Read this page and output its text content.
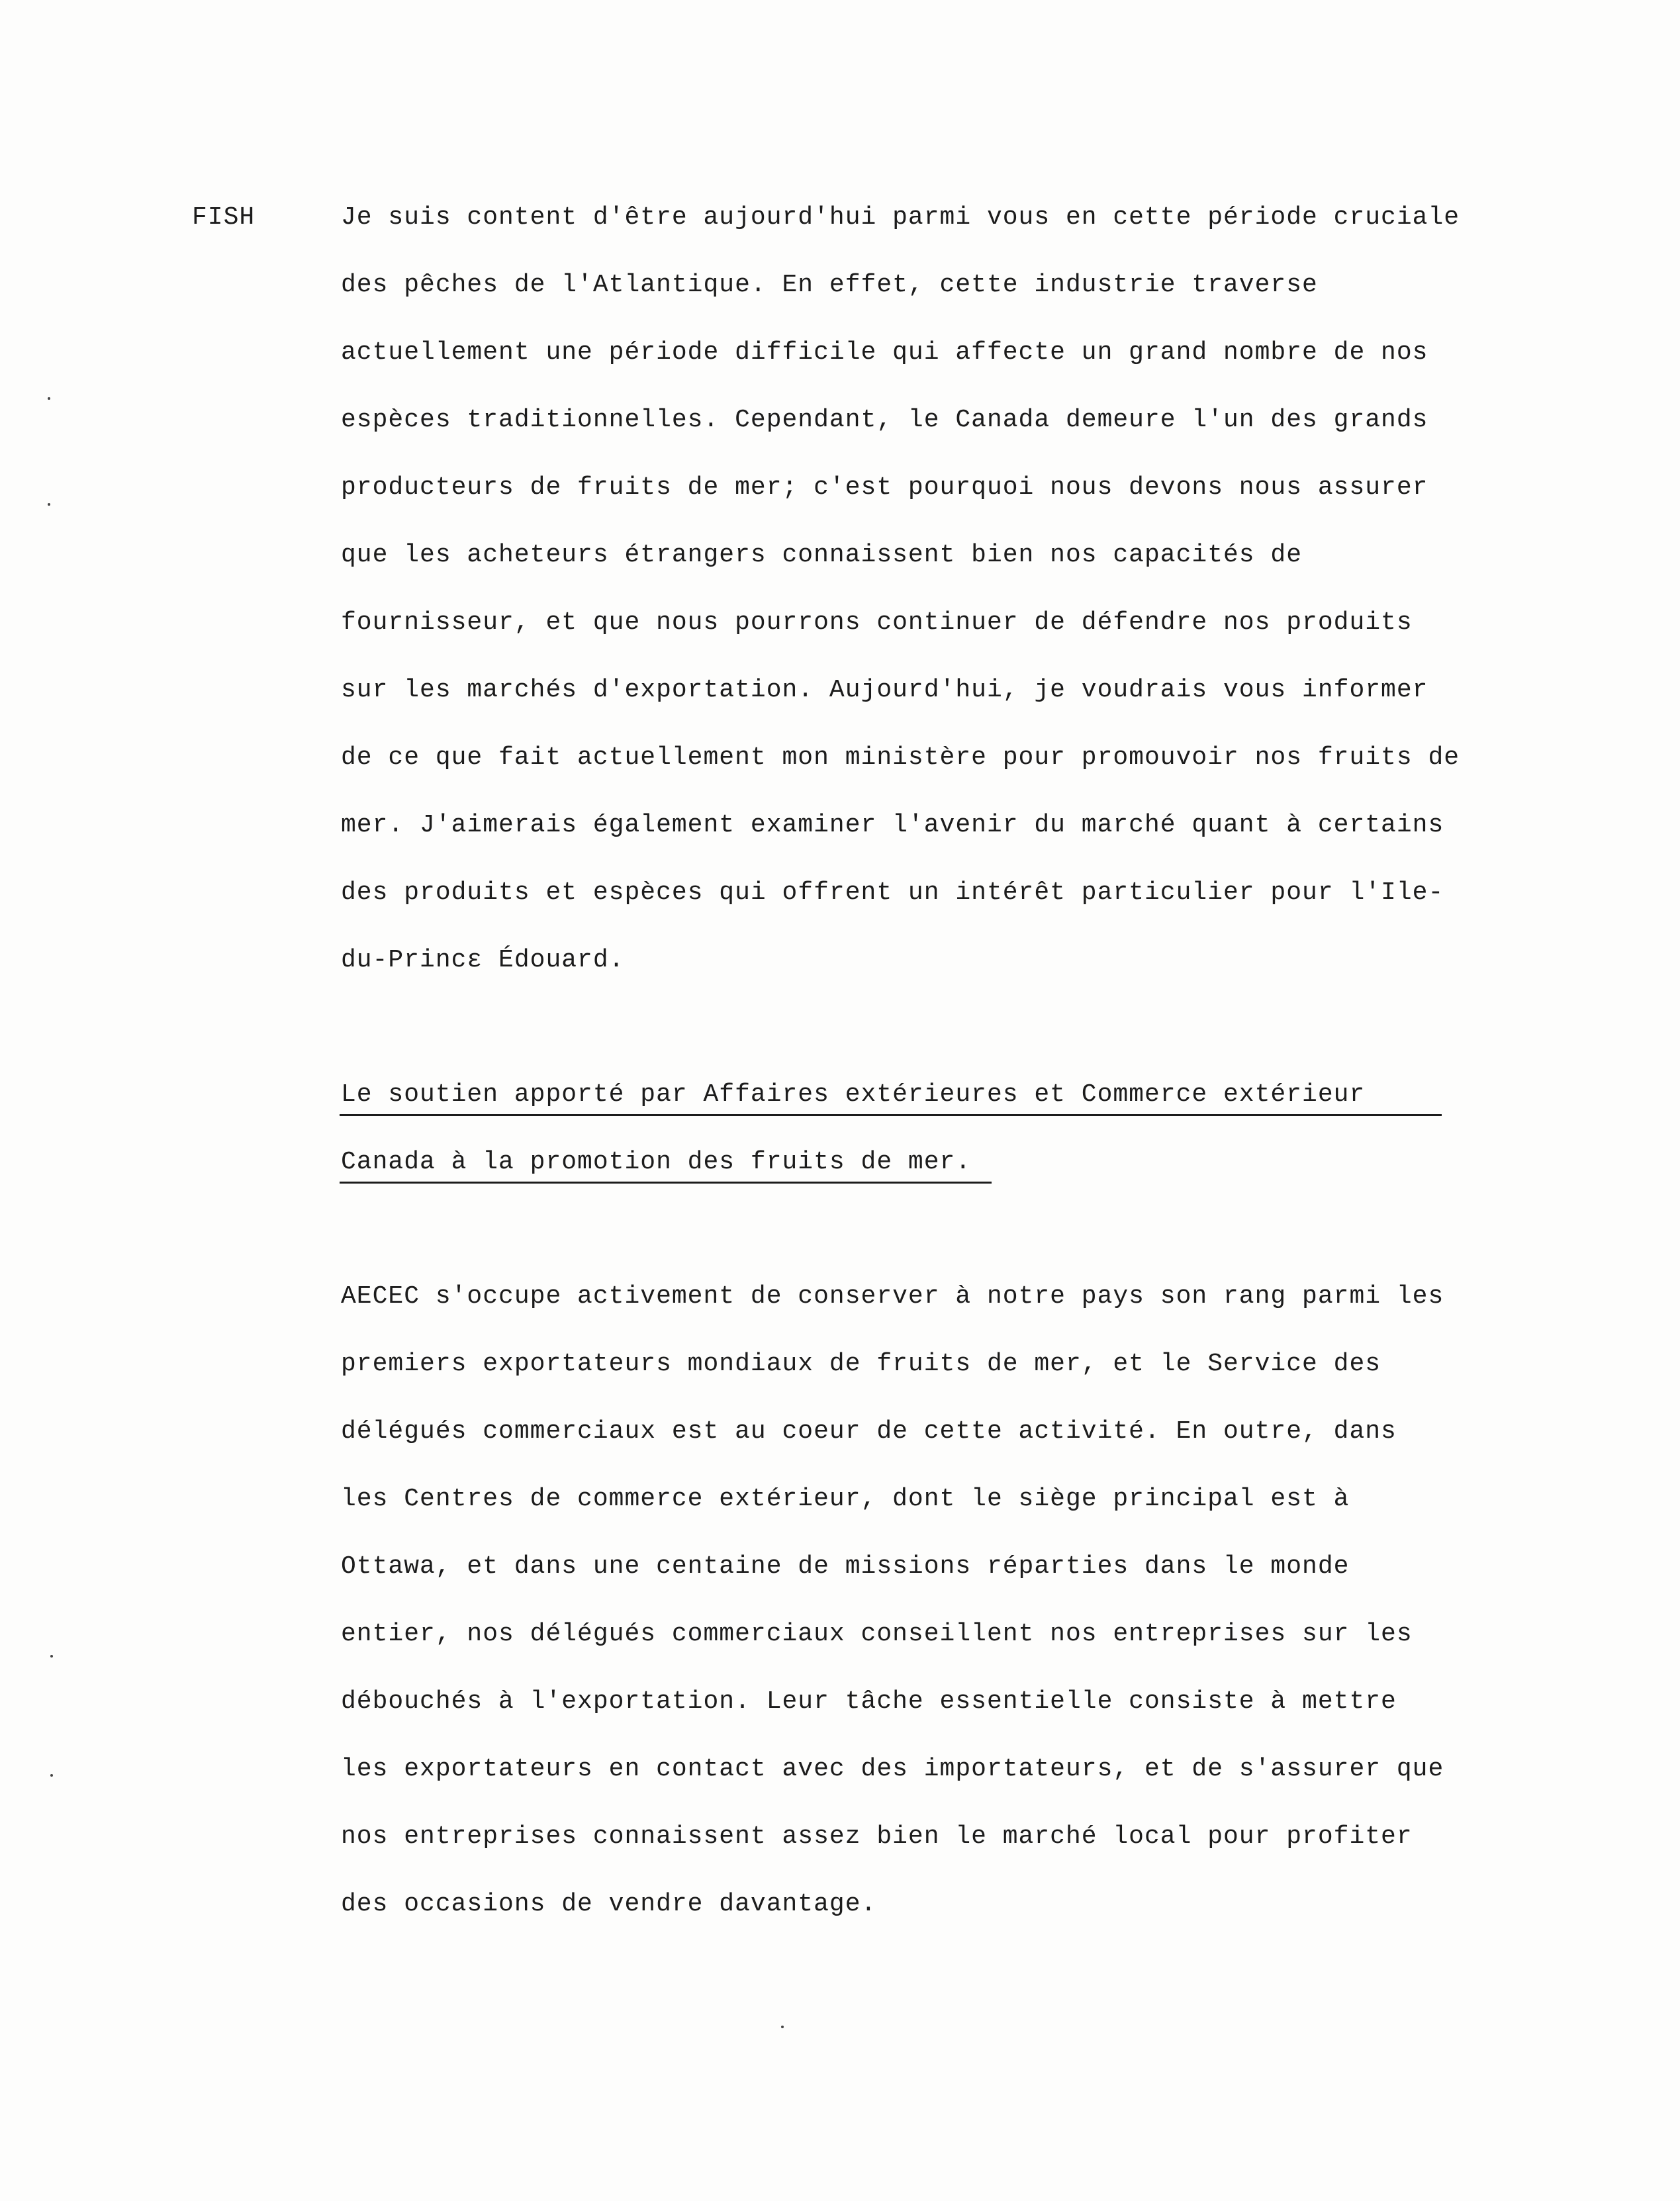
FISH	Je suis content d'être aujourd'hui parmi vous en cette période cruciale
des pêches de l'Atlantique. En effet, cette industrie traverse
actuellement une période difficile qui affecte un grand nombre de nos
espèces traditionnelles. Cependant, le Canada demeure l'un des grands
producteurs de fruits de mer; c'est pourquoi nous devons nous assurer
que les acheteurs étrangers connaissent bien nos capacités de
fournisseur, et que nous pourrons continuer de défendre nos produits
sur les marchés d'exportation. Aujourd'hui, je voudrais vous informer
de ce que fait actuellement mon ministère pour promouvoir nos fruits de
mer. J'aimerais également examiner l'avenir du marché quant à certains
des produits et espèces qui offrent un intérêt particulier pour l'Ile-
du-Princε Édouard.
Le soutien apporté par Affaires extérieures et Commerce extérieur
Canada à la promotion des fruits de mer.
AECEC s'occupe activement de conserver à notre pays son rang parmi les
premiers exportateurs mondiaux de fruits de mer, et le Service des
délégués commerciaux est au coeur de cette activité. En outre, dans
les Centres de commerce extérieur, dont le siège principal est à
Ottawa, et dans une centaine de missions réparties dans le monde
entier, nos délégués commerciaux conseillent nos entreprises sur les
débouchés à l'exportation. Leur tâche essentielle consiste à mettre
les exportateurs en contact avec des importateurs, et de s'assurer que
nos entreprises connaissent assez bien le marché local pour profiter
des occasions de vendre davantage.
